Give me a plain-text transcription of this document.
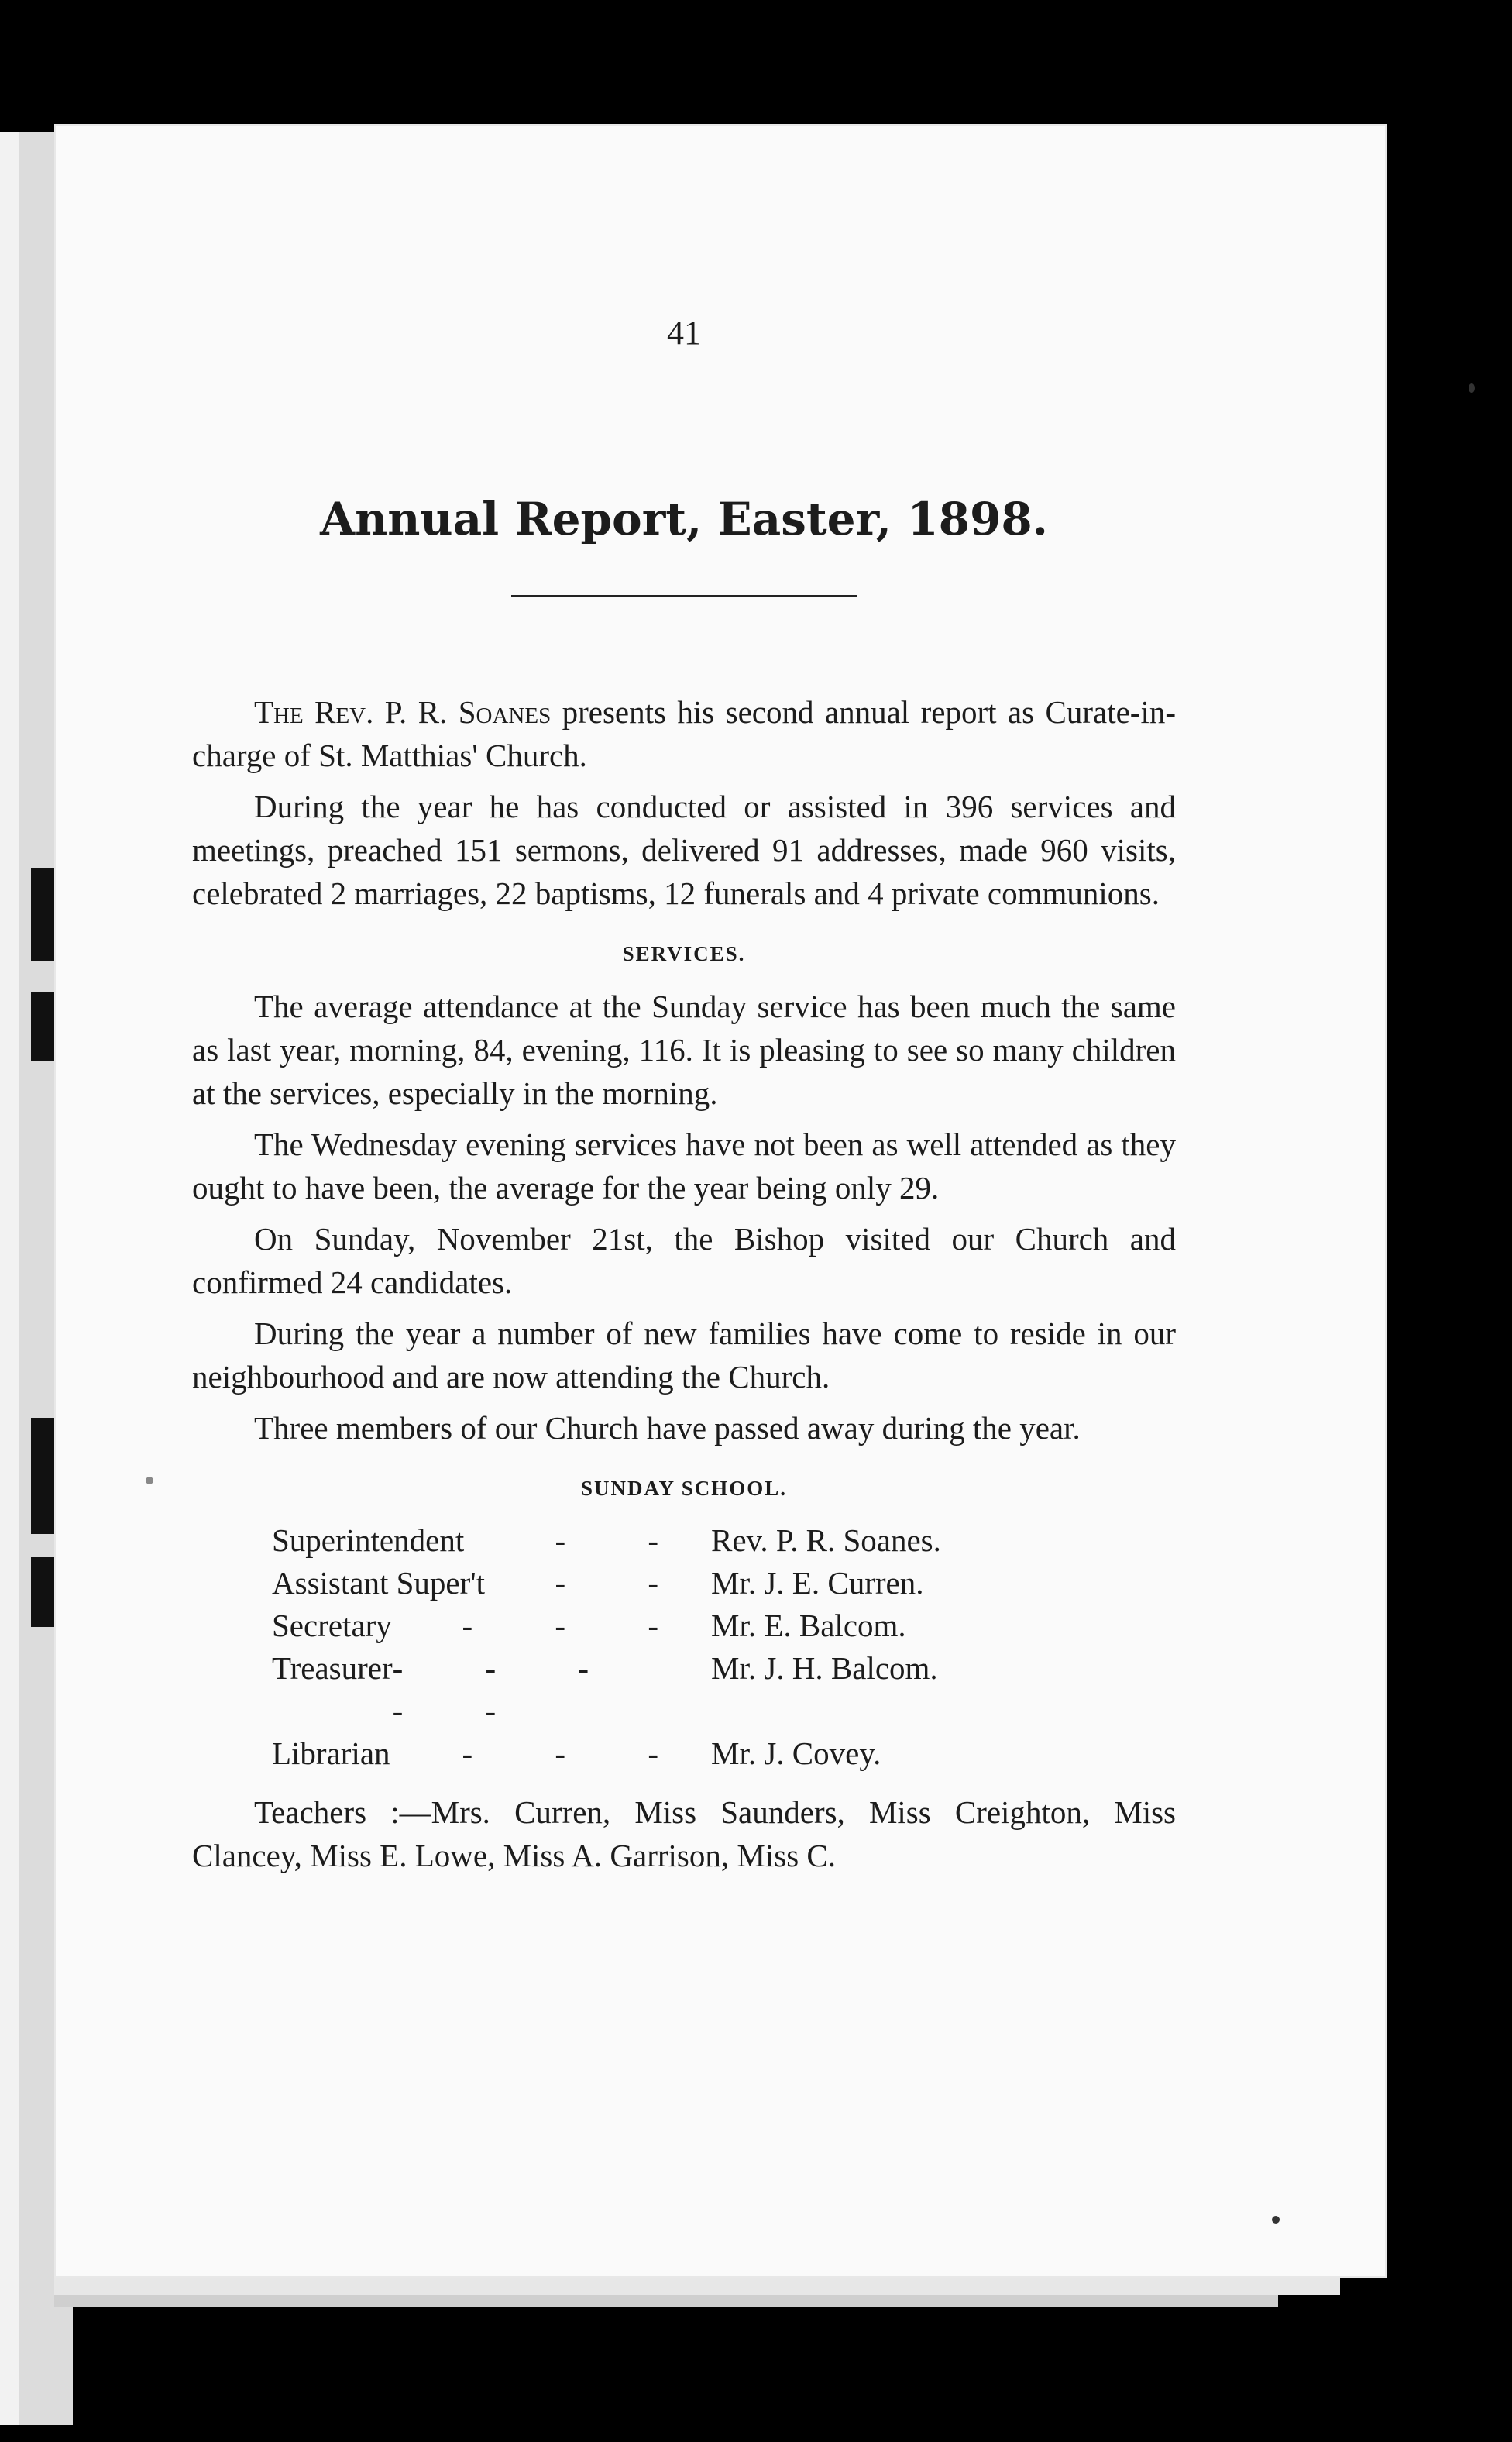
41
Annual Report, Easter, 1898.

The Rev. P. R. Soanes presents his second annual report as Curate-in-charge of St. Matthias' Church.

During the year he has conducted or assisted in 396 services and meetings, preached 151 sermons, delivered 91 addresses, made 960 visits, celebrated 2 marriages, 22 baptisms, 12 funerals and 4 private communions.

SERVICES.

The average attendance at the Sunday service has been much the same as last year, morning, 84, evening, 116. It is pleasing to see so many children at the services, especially in the morning.

The Wednesday evening services have not been as well attended as they ought to have been, the average for the year being only 29.

On Sunday, November 21st, the Bishop visited our Church and confirmed 24 candidates.

During the year a number of new families have come to reside in our neighbourhood and are now attending the Church.

Three members of our Church have passed away during the year.

SUNDAY SCHOOL.
Superintendent	- - Rev. P. R. Soanes.
Assistant Super't - - Mr. J. E. Curren.
Secretary - - - Mr. E. Balcom.
Treasurer - - - - -
Mr. J. H. Balcom.
Librarian - - - Mr. J. Covey.

Teachers :—Mrs. Curren, Miss Saunders, Miss Creighton, Miss Clancey, Miss E. Lowe, Miss A. Garrison, Miss C.
